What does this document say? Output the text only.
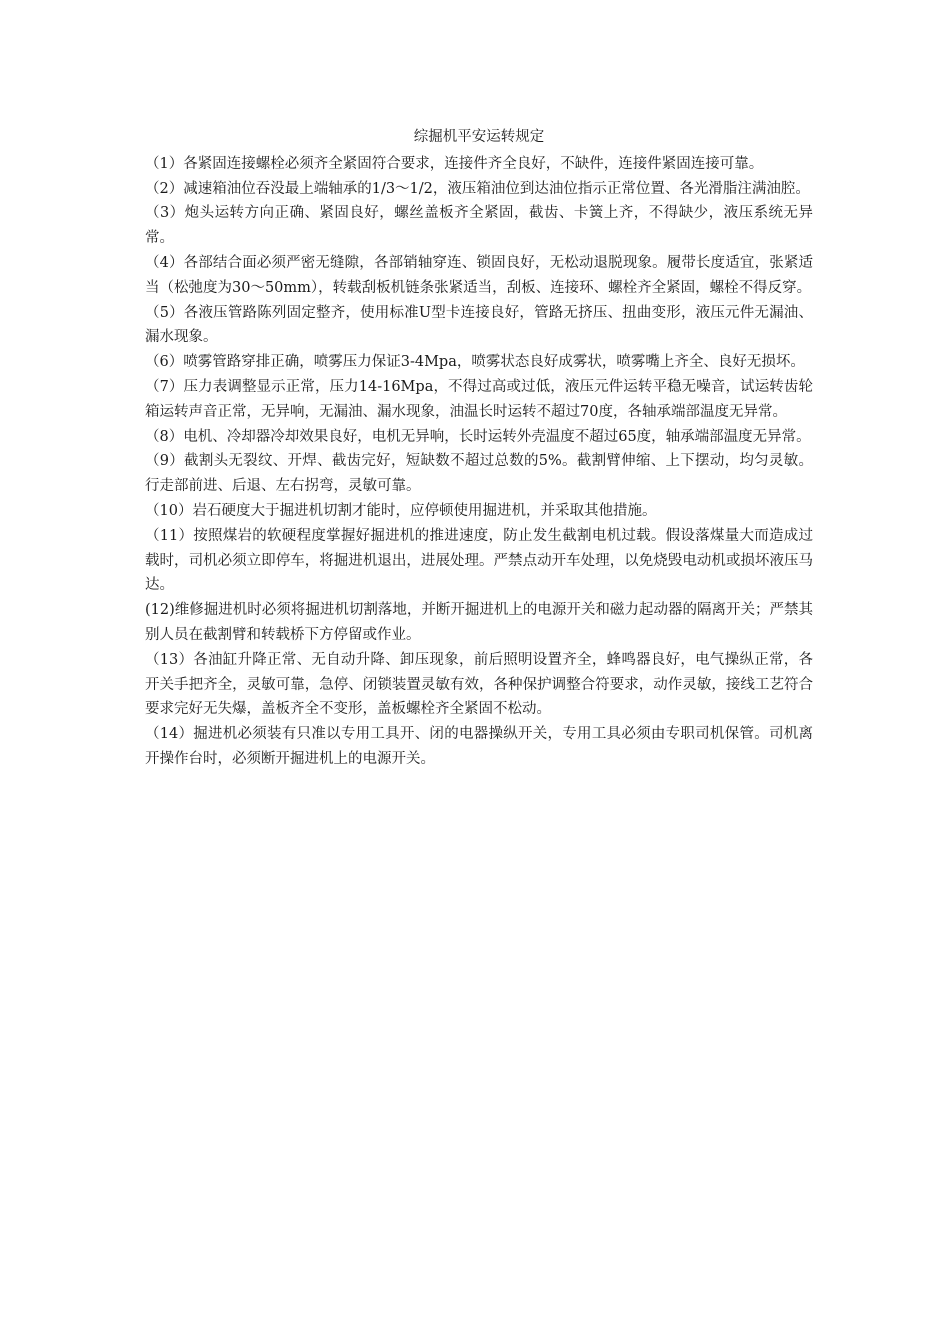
综掘机平安运转规定

（1）各紧固连接螺栓必须齐全紧固符合要求，连接件齐全良好，不缺件，连接件紧固连接可靠。

（2）减速箱油位吞没最上端轴承的1/3～1/2，液压箱油位到达油位指示正常位置、各光滑脂注满油腔。

（3）炮头运转方向正确、紧固良好，螺丝盖板齐全紧固，截齿、卡簧上齐，不得缺少，液压系统无异常。

（4）各部结合面必须严密无缝隙，各部销轴穿连、锁固良好，无松动退脱现象。履带长度适宜，张紧适当（松弛度为30～50mm），转载刮板机链条张紧适当，刮板、连接环、螺栓齐全紧固，螺栓不得反穿。

（5）各液压管路陈列固定整齐，使用标准U型卡连接良好，管路无挤压、扭曲变形，液压元件无漏油、漏水现象。

（6）喷雾管路穿排正确，喷雾压力保证3-4Mpa，喷雾状态良好成雾状，喷雾嘴上齐全、良好无损坏。

（7）压力表调整显示正常，压力14-16Mpa，不得过高或过低，液压元件运转平稳无噪音，试运转齿轮箱运转声音正常，无异响，无漏油、漏水现象，油温长时运转不超过70度，各轴承端部温度无异常。

（8）电机、冷却器冷却效果良好，电机无异响，长时运转外壳温度不超过65度，轴承端部温度无异常。

（9）截割头无裂纹、开焊、截齿完好，短缺数不超过总数的5%。截割臂伸缩、上下摆动，均匀灵敏。行走部前进、后退、左右拐弯，灵敏可靠。

（10）岩石硬度大于掘进机切割才能时，应停顿使用掘进机，并采取其他措施。

（11）按照煤岩的软硬程度掌握好掘进机的推进速度，防止发生截割电机过载。假设落煤量大而造成过载时，司机必须立即停车，将掘进机退出，进展处理。严禁点动开车处理，以免烧毁电动机或损坏液压马达。

(12)维修掘进机时必须将掘进机切割落地，并断开掘进机上的电源开关和磁力起动器的隔离开关；严禁其别人员在截割臂和转载桥下方停留或作业。

（13）各油缸升降正常、无自动升降、卸压现象，前后照明设置齐全，蜂鸣器良好，电气操纵正常，各开关手把齐全，灵敏可靠，急停、闭锁装置灵敏有效，各种保护调整合符要求，动作灵敏，接线工艺符合要求完好无失爆，盖板齐全不变形，盖板螺栓齐全紧固不松动。

（14）掘进机必须装有只准以专用工具开、闭的电器操纵开关，专用工具必须由专职司机保管。司机离开操作台时，必须断开掘进机上的电源开关。
